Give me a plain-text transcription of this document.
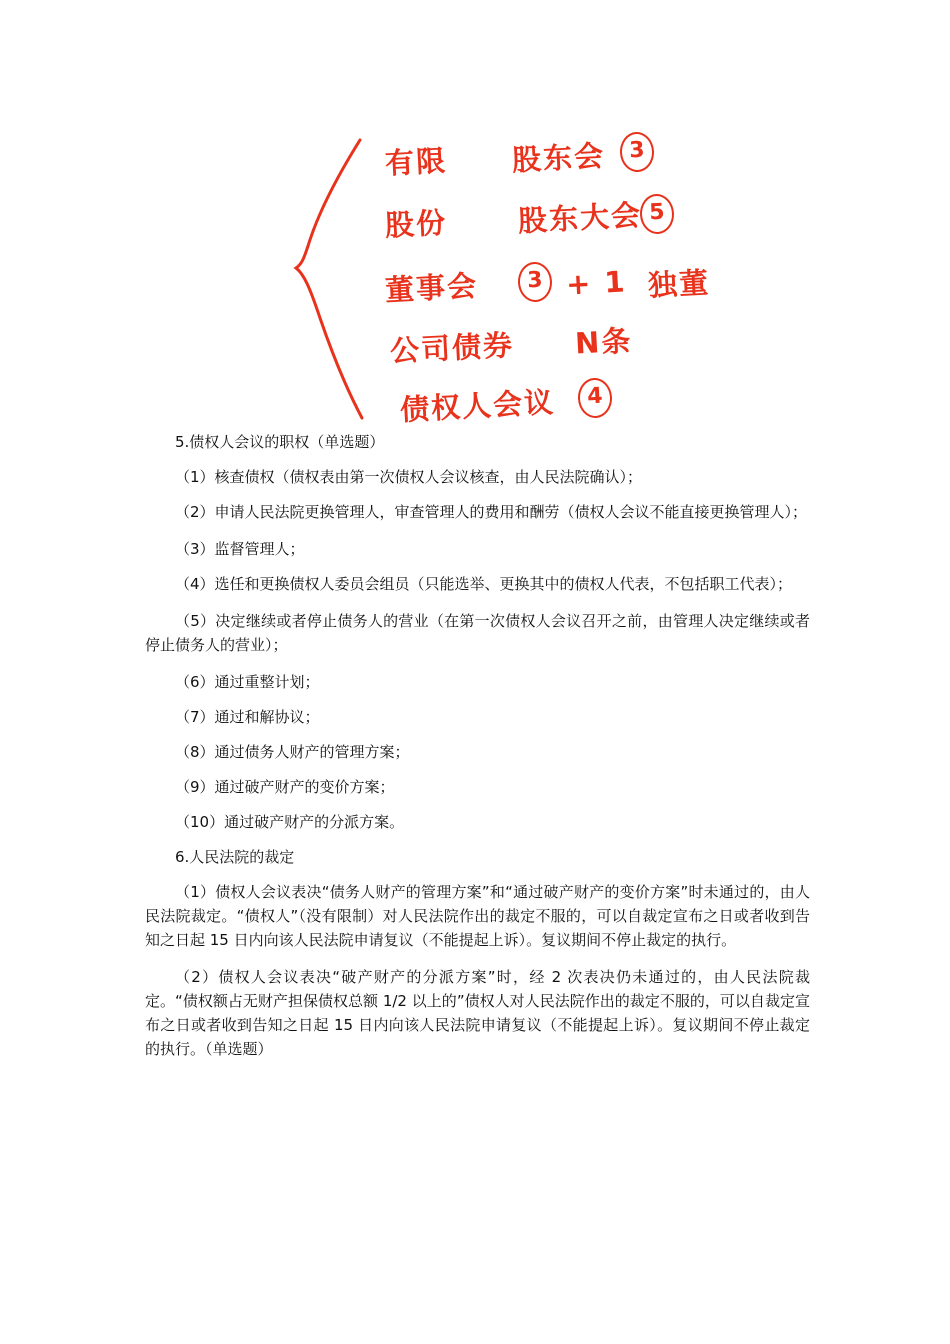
有限 股东会	3
股份 股东大会 5
董事会	3 + 1 独董
公司债券 N条
债权人会议	4

5.债权人会议的职权（单选题）

（1）核查债权（债权表由第一次债权人会议核查，由人民法院确认）；

（2）申请人民法院更换管理人，审查管理人的费用和酬劳（债权人会议不能直接更换管理人）；

（3）监督管理人；

（4）选任和更换债权人委员会组员（只能选举、更换其中的债权人代表，不包括职工代表）；

（5）决定继续或者停止债务人的营业（在第一次债权人会议召开之前，由管理人决定继续或者停止债务人的营业）；

（6）通过重整计划；

（7）通过和解协议；

（8）通过债务人财产的管理方案；

（9）通过破产财产的变价方案；

（10）通过破产财产的分派方案。

6.人民法院的裁定

（1）债权人会议表决“债务人财产的管理方案”和“通过破产财产的变价方案”时未通过的，由人民法院裁定。“债权人”（没有限制）对人民法院作出的裁定不服的，可以自裁定宣布之日或者收到告知之日起 15 日内向该人民法院申请复议（不能提起上诉）。复议期间不停止裁定的执行。

（2）债权人会议表决“破产财产的分派方案”时，经 2 次表决仍未通过的，由人民法院裁定。“债权额占无财产担保债权总额 1/2 以上的”债权人对人民法院作出的裁定不服的，可以自裁定宣布之日或者收到告知之日起 15 日内向该人民法院申请复议（不能提起上诉）。复议期间不停止裁定的执行。（单选题）
